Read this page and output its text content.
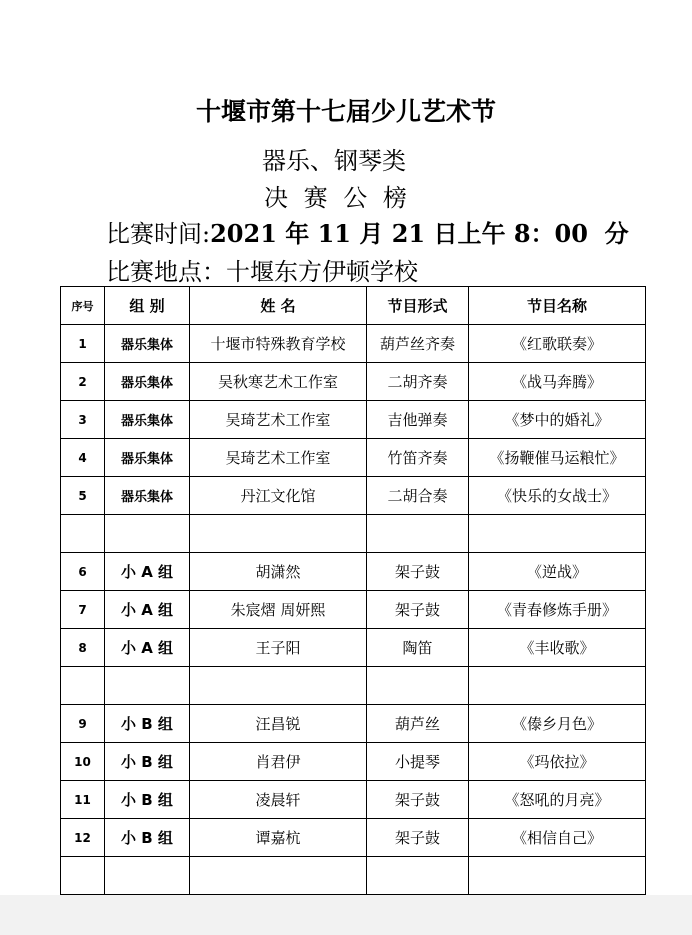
十堰市第十七届少儿艺术节
器乐、钢琴类
决 赛 公 榜
比赛时间:2021 年 11 月 21 日上午 8：00  分
比赛地点：十堰东方伊顿学校
序号	组 别	姓 名	节目形式	节目名称
1	器乐集体	十堰市特殊教育学校	葫芦丝齐奏	《红歌联奏》
2	器乐集体	吴秋寒艺术工作室	二胡齐奏	《战马奔腾》
3	器乐集体	吴琦艺术工作室	吉他弹奏	《梦中的婚礼》
4	器乐集体	吴琦艺术工作室	竹笛齐奏	《扬鞭催马运粮忙》
5	器乐集体	丹江文化馆	二胡合奏	《快乐的女战士》

6	小 A 组	胡潇然	架子鼓	《逆战》
7	小 A 组	朱宸熠 周妍熙	架子鼓	《青春修炼手册》
8	小 A 组	王子阳	陶笛	《丰收歌》

9	小 B 组	汪昌锐	葫芦丝	《傣乡月色》
10	小 B 组	肖君伊	小提琴	《玛依拉》
11	小 B 组	凌晨轩	架子鼓	《怒吼的月亮》
12	小 B 组	谭嘉杭	架子鼓	《相信自己》
